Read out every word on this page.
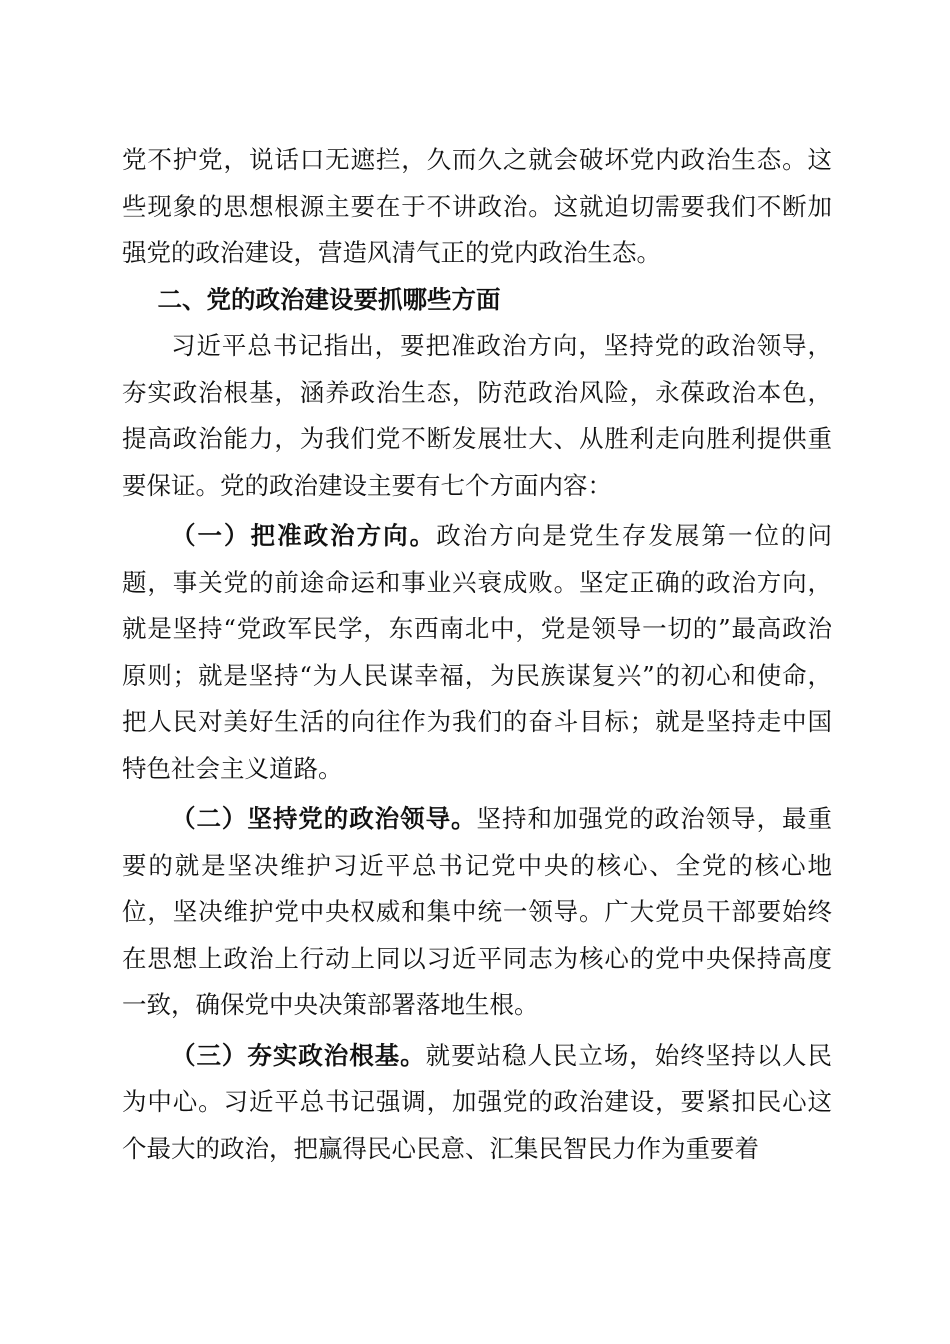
党不护党，说话口无遮拦，久而久之就会破坏党内政治生态。这些现象的思想根源主要在于不讲政治。这就迫切需要我们不断加强党的政治建设，营造风清气正的党内政治生态。

二、党的政治建设要抓哪些方面

习近平总书记指出，要把准政治方向，坚持党的政治领导，夯实政治根基，涵养政治生态，防范政治风险，永葆政治本色，提高政治能力，为我们党不断发展壮大、从胜利走向胜利提供重要保证。党的政治建设主要有七个方面内容：

（一）把准政治方向。政治方向是党生存发展第一位的问题，事关党的前途命运和事业兴衰成败。坚定正确的政治方向，就是坚持“党政军民学，东西南北中，党是领导一切的”最高政治原则；就是坚持“为人民谋幸福，为民族谋复兴”的初心和使命，把人民对美好生活的向往作为我们的奋斗目标；就是坚持走中国特色社会主义道路。

（二）坚持党的政治领导。坚持和加强党的政治领导，最重要的就是坚决维护习近平总书记党中央的核心、全党的核心地位，坚决维护党中央权威和集中统一领导。广大党员干部要始终在思想上政治上行动上同以习近平同志为核心的党中央保持高度一致，确保党中央决策部署落地生根。

（三）夯实政治根基。就要站稳人民立场，始终坚持以人民为中心。习近平总书记强调，加强党的政治建设，要紧扣民心这个最大的政治，把赢得民心民意、汇集民智民力作为重要着
